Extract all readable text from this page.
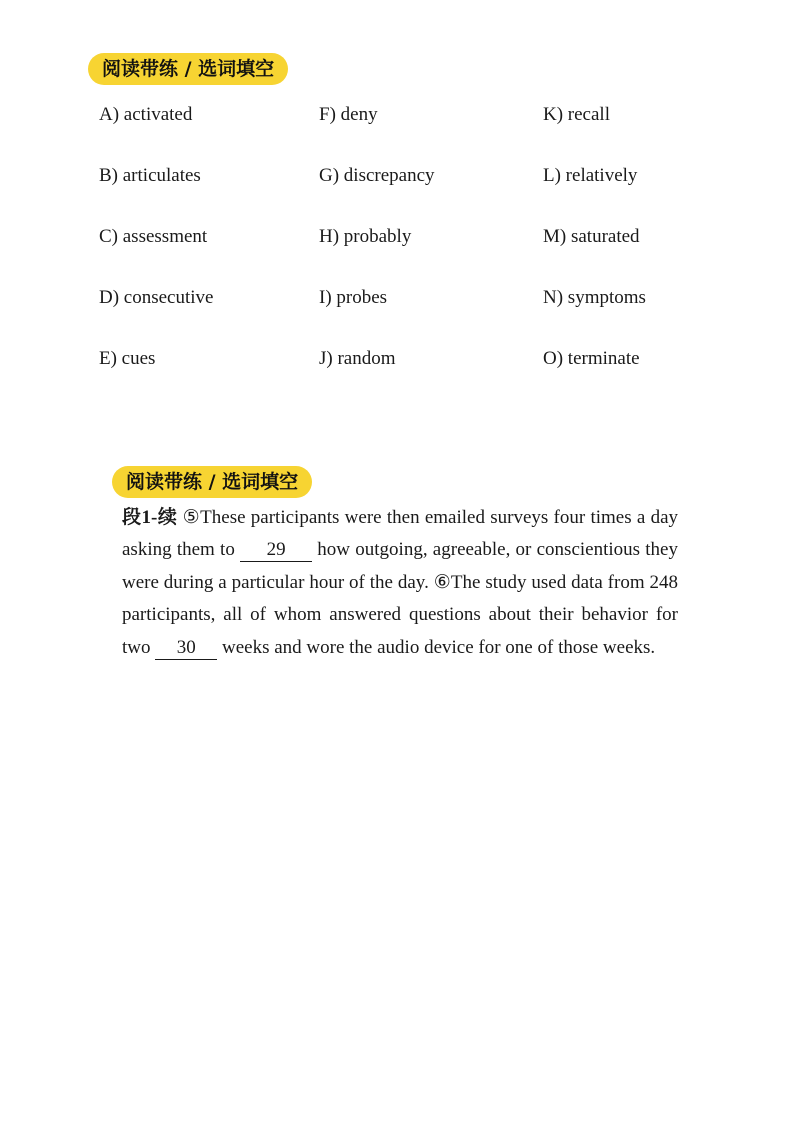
阅读带练 / 选词填空
A) activated	F) deny	K) recall
B) articulates	G) discrepancy	L) relatively
C) assessment	H) probably	M) saturated
D) consecutive	I) probes	N) symptoms
E) cues	J) random	O) terminate
阅读带练 / 选词填空
段1-续 ⑤These participants were then emailed surveys four times a day asking them to 29 how outgoing, agreeable, or conscientious they were during a particular hour of the day. ⑥The study used data from 248 participants, all of whom answered questions about their behavior for two 30 weeks and wore the audio device for one of those weeks.
